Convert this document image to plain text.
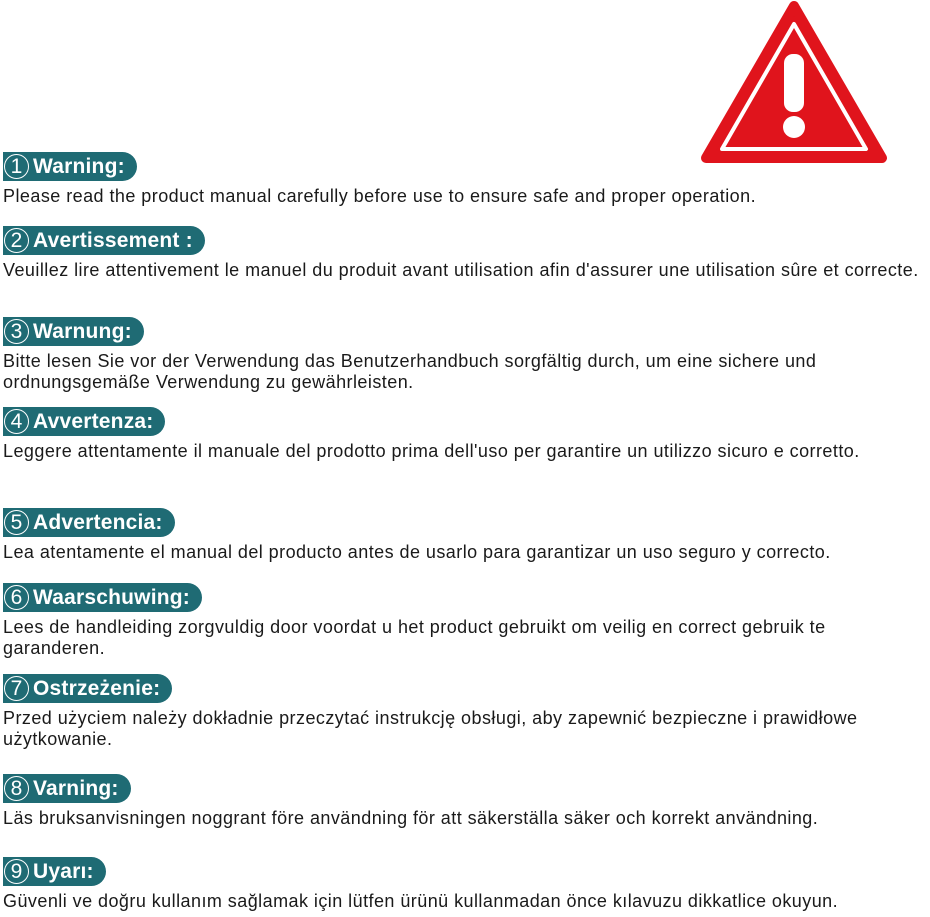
1 Warning:
Please read the product manual carefully before use to ensure safe and proper operation.
2 Avertissement :
Veuillez lire attentivement le manuel du produit avant utilisation afin d'assurer une utilisation sûre et correcte.
3 Warnung:
Bitte lesen Sie vor der Verwendung das Benutzerhandbuch sorgfältig durch, um eine sichere und ordnungsgemäße Verwendung zu gewährleisten.
4 Avvertenza:
Leggere attentamente il manuale del prodotto prima dell'uso per garantire un utilizzo sicuro e corretto.
5 Advertencia:
Lea atentamente el manual del producto antes de usarlo para garantizar un uso seguro y correcto.
6 Waarschuwing:
Lees de handleiding zorgvuldig door voordat u het product gebruikt om veilig en correct gebruik te garanderen.
7 Ostrzeżenie:
Przed użyciem należy dokładnie przeczytać instrukcję obsługi, aby zapewnić bezpieczne i prawidłowe użytkowanie.
8 Varning:
Läs bruksanvisningen noggrant före användning för att säkerställa säker och korrekt användning.
9 Uyarı:
Güvenli ve doğru kullanım sağlamak için lütfen ürünü kullanmadan önce kılavuzu dikkatlice okuyun.
